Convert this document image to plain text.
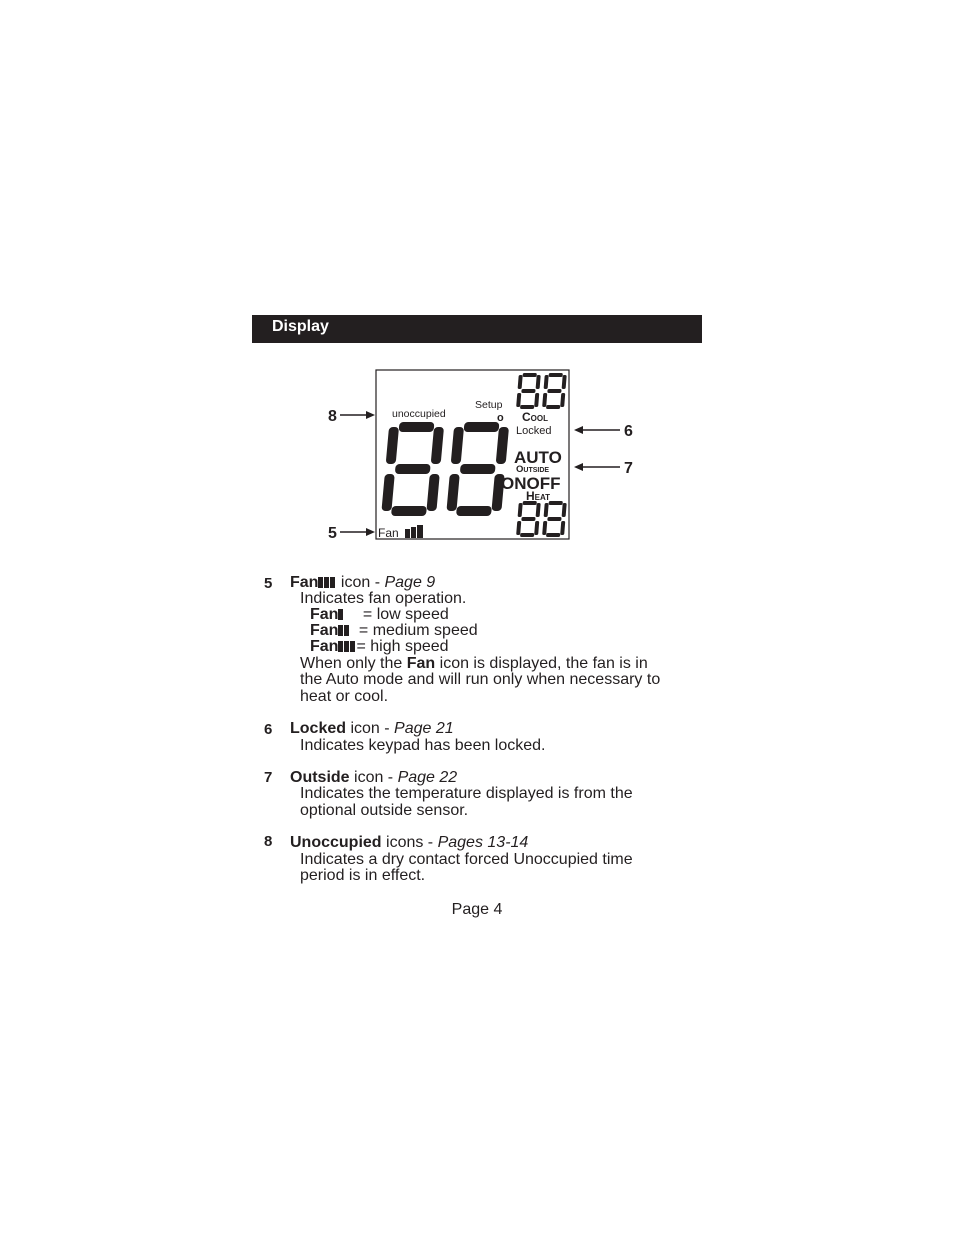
Display
unoccupied
Setup
o Cool
Locked
AUTO
Outside
ONOFF
Heat
Fan
8
5
6
7
5 Fan icon - Page 9
Indicates fan operation.
Fan = low speed
Fan = medium speed
Fan = high speed
When only the Fan icon is displayed, the fan is in
the Auto mode and will run only when necessary to
heat or cool.
6 Locked icon - Page 21
Indicates keypad has been locked.
7 Outside icon - Page 22
Indicates the temperature displayed is from the
optional outside sensor.
8 Unoccupied icons - Pages 13-14
Indicates a dry contact forced Unoccupied time
period is in effect.
Page 4
